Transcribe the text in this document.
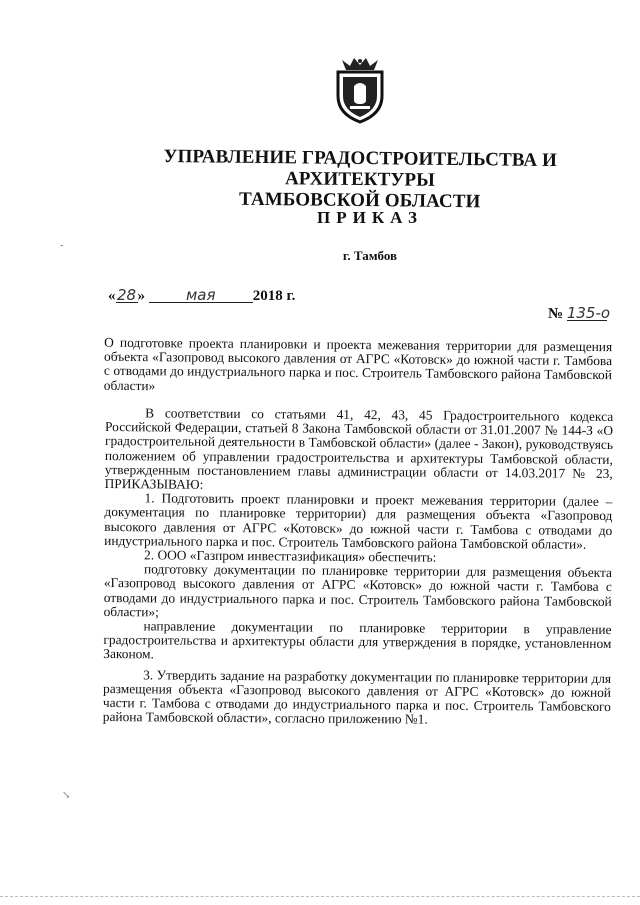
УПРАВЛЕНИЕ ГРАДОСТРОИТЕЛЬСТВА И АРХИТЕКТУРЫ
ТАМБОВСКОЙ ОБЛАСТИ
ПРИКАЗ
г. Тамбов
«28»	мая 2018 г.
№ 135-о
О подготовке проекта планировки и проекта межевания территории для размещения объекта «Газопровод высокого давления от АГРС «Котовск» до южной части г. Тамбова с отводами до индустриального парка и пос. Строитель Тамбовского района Тамбовской области»

В соответствии со статьями 41, 42, 43, 45 Градостроительного кодекса Российской Федерации, статьей 8 Закона Тамбовской области от 31.01.2007 № 144-З «О градостроительной деятельности в Тамбовской области» (далее - Закон), руководствуясь положением об управлении градостроительства и архитектуры Тамбовской области, утвержденным постановлением главы администрации области от 14.03.2017 № 23, ПРИКАЗЫВАЮ:

1. Подготовить проект планировки и проект межевания территории (далее – документация по планировке территории) для размещения объекта «Газопровод высокого давления от АГРС «Котовск» до южной части г. Тамбова с отводами до индустриального парка и пос. Строитель Тамбовского района Тамбовской области».

2. ООО «Газпром инвестгазификация» обеспечить:

подготовку документации по планировке территории для размещения объекта «Газопровод высокого давления от АГРС «Котовск» до южной части г. Тамбова с отводами до индустриального парка и пос. Строитель Тамбовского района Тамбовской области»;

направление документации по планировке территории в управление градостроительства и архитектуры области для утверждения в порядке, установленном Законом.

3. Утвердить задание на разработку документации по планировке территории для размещения объекта «Газопровод высокого давления от АГРС «Котовск» до южной части г. Тамбова с отводами до индустриального парка и пос. Строитель Тамбовского района Тамбовской области», согласно приложению №1.

-
↘
